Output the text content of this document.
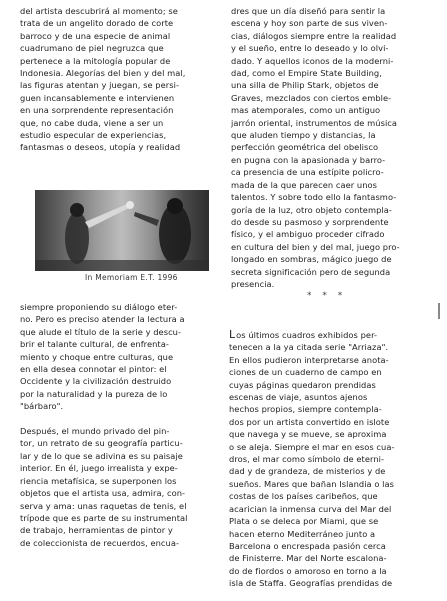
del artista descubrirá al momento; se
trata de un angelito dorado de corte
barroco y de una especie de animal
cuadrumano de piel negruzca que
pertenece a la mitología popular de
Indonesia. Alegorías del bien y del mal,
las figuras atentan y juegan, se persi-
guen incansablemente e intervienen
en una sorprendente representación
que, no cabe duda, viene a ser un
estudio especular de experiencias,
fantasmas o deseos, utopía y realidad
In Memoriam E.T. 1996
siempre proponiendo su diálogo eter-
no. Pero es preciso atender la lectura a
que alude el título de la serie y descu-
brir el talante cultural, de enfrenta-
miento y choque entre culturas, que
en ella desea connotar el pintor: el
Occidente y la civilización destruido
por la naturalidad y la pureza de lo
"bárbaro".

Después, el mundo privado del pin-
tor, un retrato de su geografía particu-
lar y de lo que se adivina es su paisaje
interior. En él, juego irrealista y expe-
riencia metafísica, se superponen los
objetos que el artista usa, admira, con-
serva y ama: unas raquetas de tenis, el
trípode que es parte de su instrumental
de trabajo, herramientas de pintor y
de coleccionista de recuerdos, encua-
dres que un día diseñó para sentir la
escena y hoy son parte de sus viven-
cias, diálogos siempre entre la realidad
y el sueño, entre lo deseado y lo olvi-
dado. Y aquellos iconos de la moderni-
dad, como el Empire State Building,
una silla de Philip Stark, objetos de
Graves, mezclados con ciertos emble-
mas atemporales, como un antiguo
jarrón oriental, instrumentos de música
que aluden tiempo y distancias, la
perfección geométrica del obelisco
en pugna con la apasionada y barro-
ca presencia de una estípite policro-
mada de la que parecen caer unos
talentos. Y sobre todo ello la fantasmo-
goría de la luz, otro objeto contempla-
do desde su pasmoso y sorprendente
físico, y el ambiguo proceder cifrado
en cultura del bien y del mal, juego pro-
longado en sombras, mágico juego de
secreta significación pero de segunda
presencia.
* * *
Los últimos cuadros exhibidos per-
tenecen a la ya citada serie "Arriaza".
En ellos pudieron interpretarse anota-
ciones de un cuaderno de campo en
cuyas páginas quedaron prendidas
escenas de viaje, asuntos ajenos
hechos propios, siempre contempla-
dos por un artista convertido en islote
que navega y se mueve, se aproxima
o se aleja. Siempre el mar en esos cua-
dros, el mar como símbolo de eterni-
dad y de grandeza, de misterios y de
sueños. Mares que bañan Islandia o las
costas de los países caribeños, que
acarician la inmensa curva del Mar del
Plata o se deleca por Miami, que se
hacen eterno Mediterráneo junto a
Barcelona o encrespada pasión cerca
de Finisterre. Mar del Norte escalona-
do de fiordos o amoroso en torno a la
isla de Staffa. Geografías prendidas de
